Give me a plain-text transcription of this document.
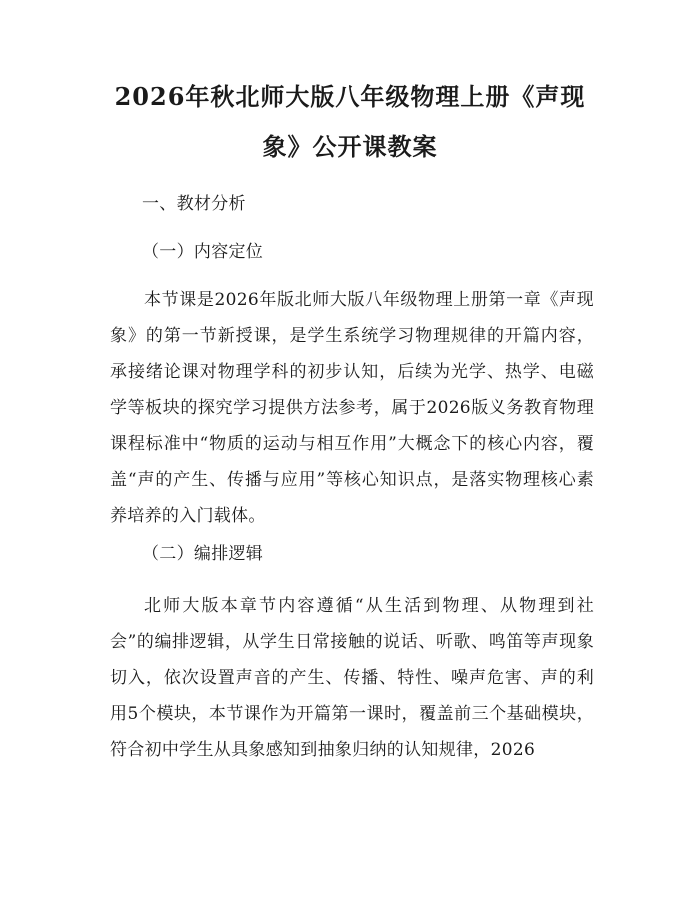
2026年秋北师大版八年级物理上册《声现
象》公开课教案

一、教材分析

（一）内容定位

本节课是2026年版北师大版八年级物理上册第一章《声现象》的第一节新授课，是学生系统学习物理规律的开篇内容，承接绪论课对物理学科的初步认知，后续为光学、热学、电磁学等板块的探究学习提供方法参考，属于2026版义务教育物理课程标准中“物质的运动与相互作用”大概念下的核心内容，覆盖“声的产生、传播与应用”等核心知识点，是落实物理核心素养培养的入门载体。

（二）编排逻辑

北师大版本章节内容遵循“从生活到物理、从物理到社会”的编排逻辑，从学生日常接触的说话、听歌、鸣笛等声现象切入，依次设置声音的产生、传播、特性、噪声危害、声的利用5个模块，本节课作为开篇第一课时，覆盖前三个基础模块，符合初中学生从具象感知到抽象归纳的认知规律，2026
